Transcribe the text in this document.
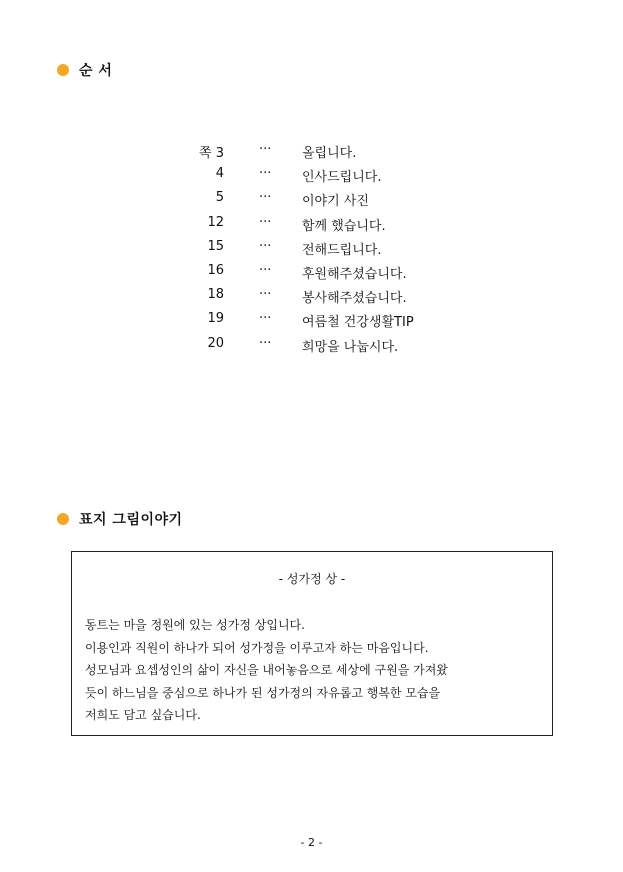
순 서
쪽 3	··· 올립니다.
4	··· 인사드립니다.
5	··· 이야기 사진
12	··· 함께 했습니다.
15	··· 전해드립니다.
16	··· 후원해주셨습니다.
18	··· 봉사해주셨습니다.
19	··· 여름철 건강생활TIP
20	··· 희망을 나눕시다.
표지 그림이야기
- 성가정 상 -
동트는 마을 정원에 있는 성가정 상입니다.
이용인과 직원이 하나가 되어 성가정을 이루고자 하는 마음입니다.
성모님과 요셉성인의 삶이 자신을 내어놓음으로 세상에 구원을 가져왔
듯이 하느님을 중심으로 하나가 된 성가정의 자유롭고 행복한 모습을
저희도 담고 싶습니다.
- 2 -
